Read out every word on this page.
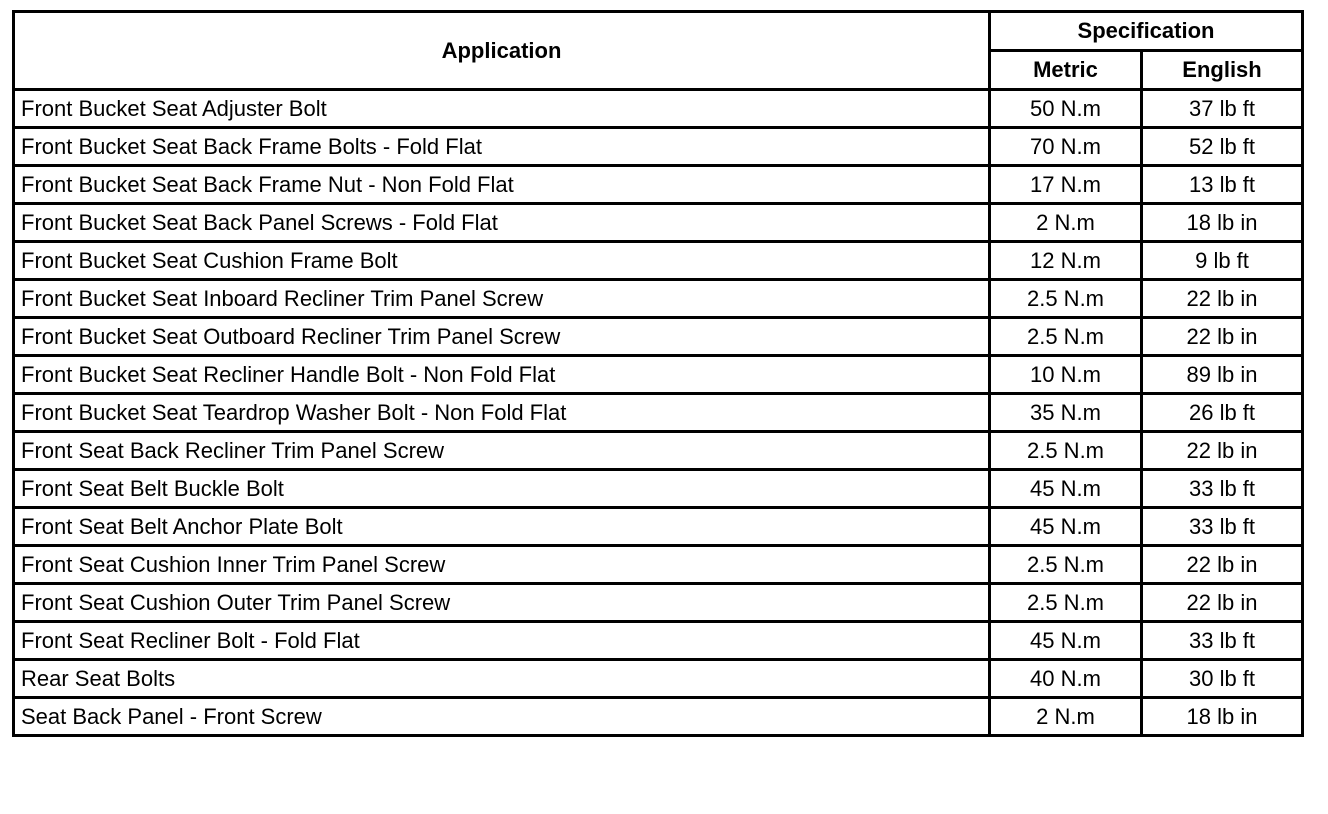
Application	Specification	
	Metric	English
Front Bucket Seat Adjuster Bolt	50 N.m	37 lb ft
Front Bucket Seat Back Frame Bolts - Fold Flat	70 N.m	52 lb ft
Front Bucket Seat Back Frame Nut - Non Fold Flat	17 N.m	13 lb ft
Front Bucket Seat Back Panel Screws - Fold Flat	2 N.m	18 lb in
Front Bucket Seat Cushion Frame Bolt	12 N.m	9 lb ft
Front Bucket Seat Inboard Recliner Trim Panel Screw	2.5 N.m	22 lb in
Front Bucket Seat Outboard Recliner Trim Panel Screw	2.5 N.m	22 lb in
Front Bucket Seat Recliner Handle Bolt - Non Fold Flat	10 N.m	89 lb in
Front Bucket Seat Teardrop Washer Bolt - Non Fold Flat	35 N.m	26 lb ft
Front Seat Back Recliner Trim Panel Screw	2.5 N.m	22 lb in
Front Seat Belt Buckle Bolt	45 N.m	33 lb ft
Front Seat Belt Anchor Plate Bolt	45 N.m	33 lb ft
Front Seat Cushion Inner Trim Panel Screw	2.5 N.m	22 lb in
Front Seat Cushion Outer Trim Panel Screw	2.5 N.m	22 lb in
Front Seat Recliner Bolt - Fold Flat	45 N.m	33 lb ft
Rear Seat Bolts	40 N.m	30 lb ft
Seat Back Panel - Front Screw	2 N.m	18 lb in
